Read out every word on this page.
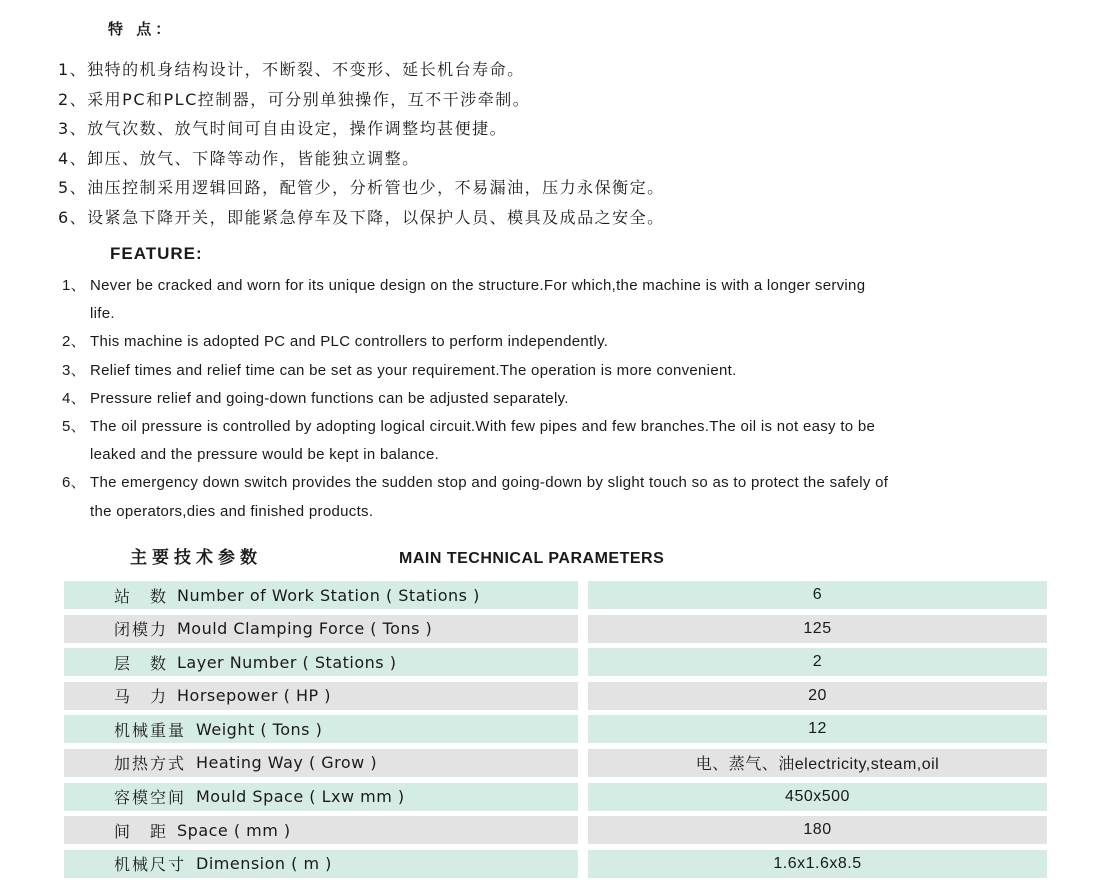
特 点：
1、独特的机身结构设计，不断裂、不变形、延长机台寿命。
2、采用PC和PLC控制器，可分别单独操作，互不干涉牵制。
3、放气次数、放气时间可自由设定，操作调整均甚便捷。
4、卸压、放气、下降等动作，皆能独立调整。
5、油压控制采用逻辑回路，配管少，分析管也少，不易漏油，压力永保衡定。
6、设紧急下降开关，即能紧急停车及下降，以保护人员、模具及成品之安全。
FEATURE:
1、 Never be cracked and worn for its unique design on the structure.For which,the machine is with a longer serving life.
2、 This machine is adopted PC and PLC controllers to perform independently.
3、 Relief times and relief time can be set as your requirement.The operation is more convenient.
4、 Pressure relief and going-down functions can be adjusted separately.
5、 The oil pressure is controlled by adopting logical circuit.With few pipes and few branches.The oil is not easy to be leaked and the pressure would be kept in balance.
6、 The emergency down switch provides the sudden stop and going-down by slight touch so as to protect the safely of the operators,dies and finished products.
主要技术参数	MAIN TECHNICAL PARAMETERS
站　数 Number of Work Station ( Stations )	6
闭模力 Mould Clamping Force ( Tons )	125
层　数 Layer Number ( Stations )	2
马　力 Horsepower ( HP )	20
机械重量 Weight ( Tons )	12
加热方式 Heating Way ( Grow )	电、蒸气、油electricity,steam,oil
容模空间 Mould Space ( Lxw mm )	450x500
间　距 Space ( mm )	180
机械尺寸 Dimension ( m )	1.6x1.6x8.5
